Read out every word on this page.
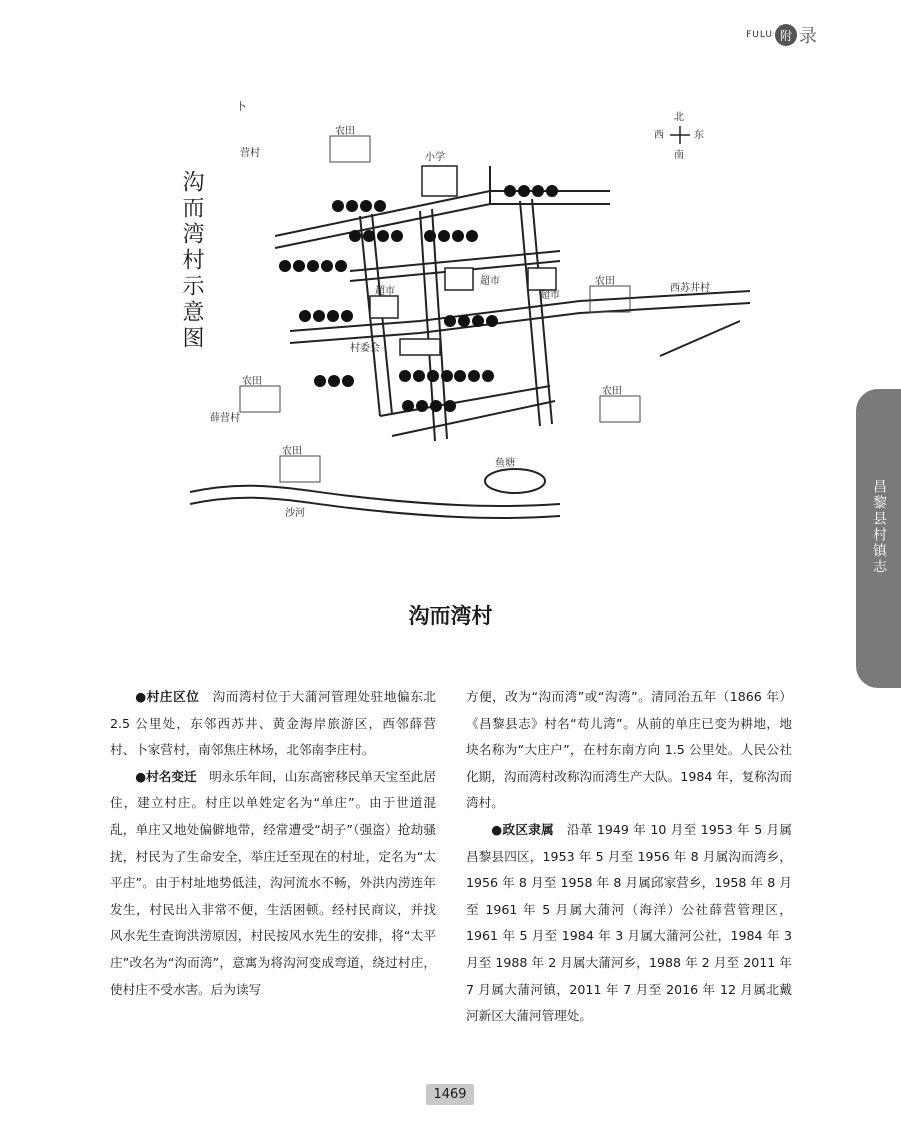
FULU 附 录
昌黎县村镇志
沟而湾村示意图
卜
营村
农田
农田
农田
农田
农田
小学
超市
超市
超市
村委会
北
西	东
南
西苏井村
薛营村
沙河
鱼塘
沟而湾村

●村庄区位　沟而湾村位于大蒲河管理处驻地偏东北 2.5 公里处，东邻西苏井、黄金海岸旅游区，西邻薛营村、卜家营村，南邻焦庄林场，北邻南李庄村。

●村名变迁　明永乐年间，山东高密移民单天宝至此居住，建立村庄。村庄以单姓定名为“单庄”。由于世道混乱，单庄又地处偏僻地带，经常遭受“胡子”（强盗）抢劫骚扰，村民为了生命安全，举庄迁至现在的村址，定名为“太平庄”。由于村址地势低洼，沟河流水不畅，外洪内涝连年发生，村民出入非常不便，生活困顿。经村民商议，并找风水先生查询洪涝原因，村民按风水先生的安排，将“太平庄”改名为“沟而湾”，意寓为将沟河变成弯道，绕过村庄，使村庄不受水害。后为读写

方便，改为“沟而湾”或“沟湾”。清同治五年（1866 年）《昌黎县志》村名“苟儿湾”。从前的单庄已变为耕地，地块名称为“大庄户”，在村东南方向 1.5 公里处。人民公社化期，沟而湾村改称沟而湾生产大队。1984 年，复称沟而湾村。

●政区隶属　沿革 1949 年 10 月至 1953 年 5 月属昌黎县四区，1953 年 5 月至 1956 年 8 月属沟而湾乡，1956 年 8 月至 1958 年 8 月属邱家营乡，1958 年 8 月至 1961 年 5 月属大蒲河（海洋）公社薛营管理区，1961 年 5 月至 1984 年 3 月属大蒲河公社，1984 年 3 月至 1988 年 2 月属大蒲河乡，1988 年 2 月至 2011 年 7 月属大蒲河镇，2011 年 7 月至 2016 年 12 月属北戴河新区大蒲河管理处。

1469
